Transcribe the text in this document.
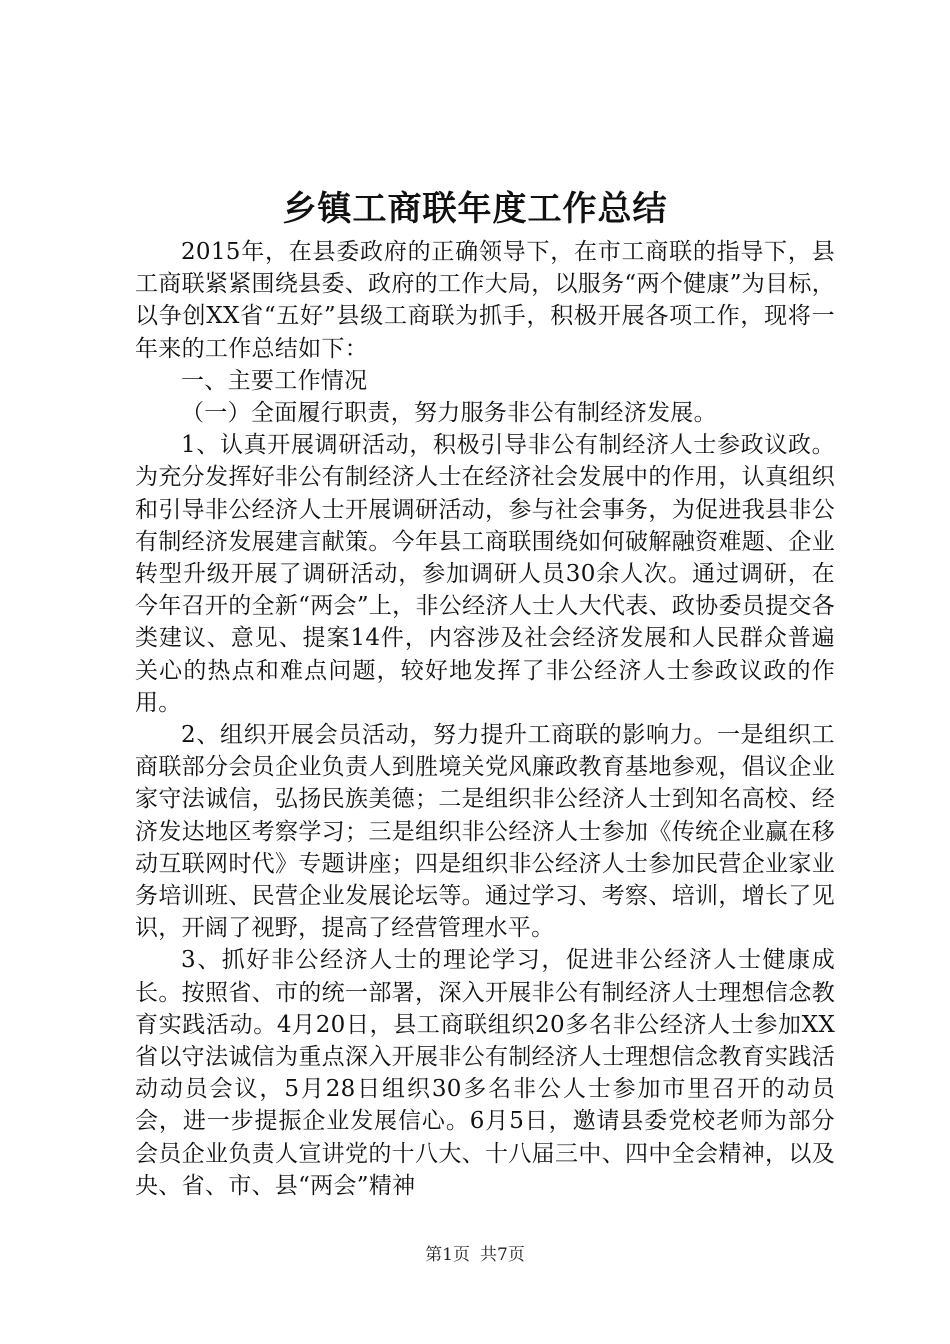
乡镇工商联年度工作总结

2015年，在县委政府的正确领导下，在市工商联的指导下，县工商联紧紧围绕县委、政府的工作大局，以服务“两个健康”为目标，以争创XX省“五好”县级工商联为抓手，积极开展各项工作，现将一年来的工作总结如下：

一、主要工作情况

（一）全面履行职责，努力服务非公有制经济发展。

1、认真开展调研活动，积极引导非公有制经济人士参政议政。为充分发挥好非公有制经济人士在经济社会发展中的作用，认真组织和引导非公经济人士开展调研活动，参与社会事务，为促进我县非公有制经济发展建言献策。今年县工商联围绕如何破解融资难题、企业转型升级开展了调研活动，参加调研人员30余人次。通过调研，在今年召开的全新“两会”上，非公经济人士人大代表、政协委员提交各类建议、意见、提案14件，内容涉及社会经济发展和人民群众普遍关心的热点和难点问题，较好地发挥了非公经济人士参政议政的作用。

2、组织开展会员活动，努力提升工商联的影响力。一是组织工商联部分会员企业负责人到胜境关党风廉政教育基地参观，倡议企业家守法诚信，弘扬民族美德；二是组织非公经济人士到知名高校、经济发达地区考察学习；三是组织非公经济人士参加《传统企业赢在移动互联网时代》专题讲座；四是组织非公经济人士参加民营企业家业务培训班、民营企业发展论坛等。通过学习、考察、培训，增长了见识，开阔了视野，提高了经营管理水平。

3、抓好非公经济人士的理论学习，促进非公经济人士健康成长。按照省、市的统一部署，深入开展非公有制经济人士理想信念教育实践活动。4月20日，县工商联组织20多名非公经济人士参加XX省以守法诚信为重点深入开展非公有制经济人士理想信念教育实践活动动员会议，5月28日组织30多名非公人士参加市里召开的动员会，进一步提振企业发展信心。6月5日，邀请县委党校老师为部分会员企业负责人宣讲党的十八大、十八届三中、四中全会精神，以及央、省、市、县“两会”精神

第1页 共7页
